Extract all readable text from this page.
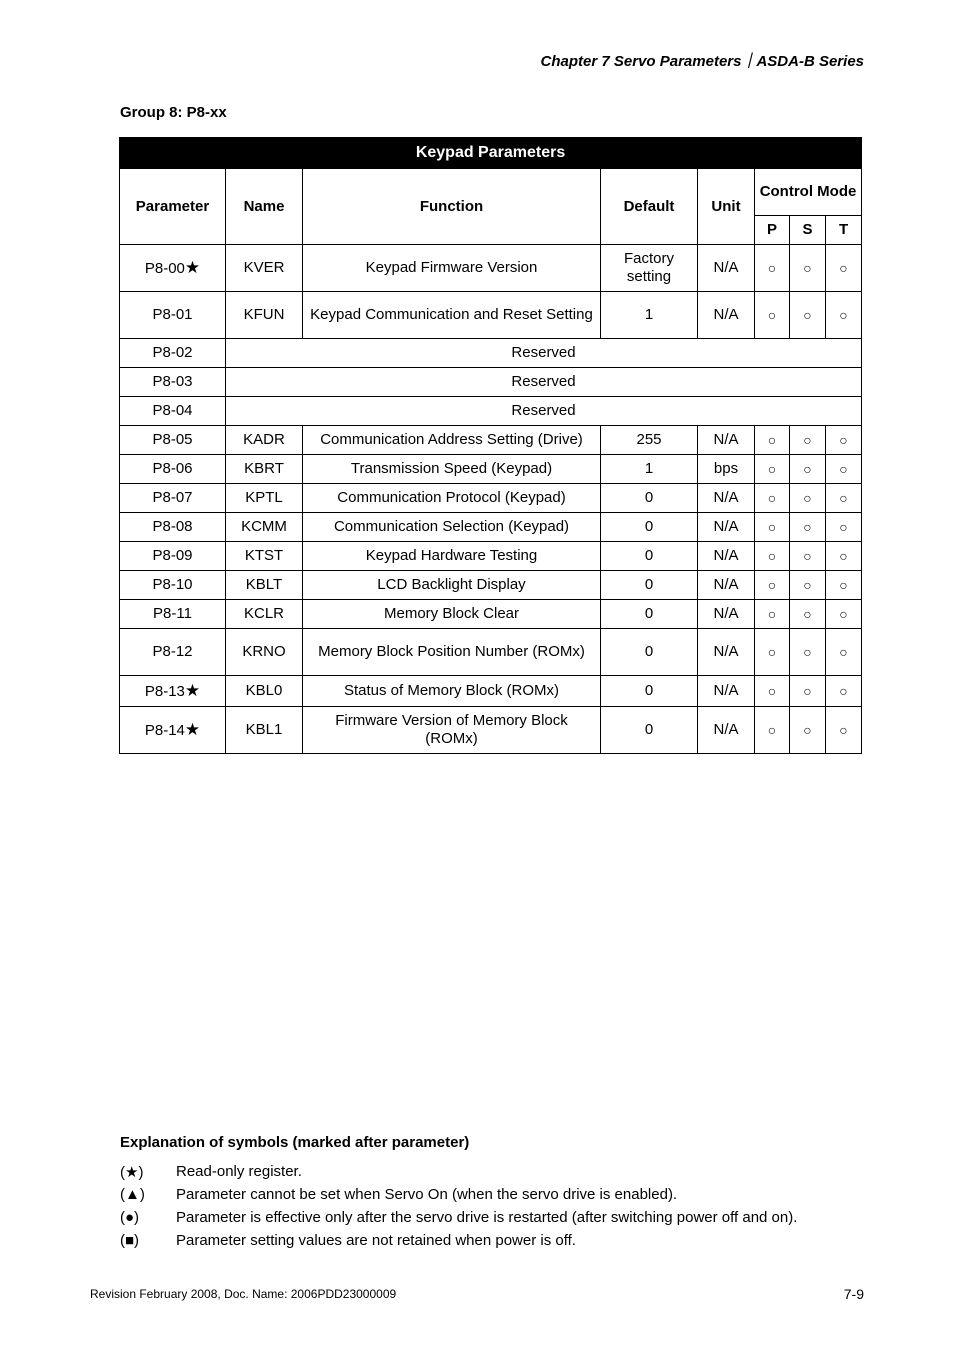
Chapter 7 Servo Parameters｜ASDA-B Series
Group 8: P8-xx
Keypad Parameters							
Parameter	Name	Function	Default	Unit	Control Mode		
					P	S	T
P8-00★	KVER	Keypad Firmware Version	Factory setting	N/A	○	○	○
P8-01	KFUN	Keypad Communication and Reset Setting	1	N/A	○	○	○
P8-02	Reserved						
P8-03	Reserved						
P8-04	Reserved						
P8-05	KADR	Communication Address Setting (Drive)	255	N/A	○	○	○
P8-06	KBRT	Transmission Speed (Keypad)	1	bps	○	○	○
P8-07	KPTL	Communication Protocol (Keypad)	0	N/A	○	○	○
P8-08	KCMM	Communication Selection (Keypad)	0	N/A	○	○	○
P8-09	KTST	Keypad Hardware Testing	0	N/A	○	○	○
P8-10	KBLT	LCD Backlight Display	0	N/A	○	○	○
P8-11	KCLR	Memory Block Clear	0	N/A	○	○	○
P8-12	KRNO	Memory Block Position Number (ROMx)	0	N/A	○	○	○
P8-13★	KBL0	Status of Memory Block (ROMx)	0	N/A	○	○	○
P8-14★	KBL1	Firmware Version of Memory Block (ROMx)	0	N/A	○	○	○
Explanation of symbols (marked after parameter)
(★)	Read-only register.
(▲)	Parameter cannot be set when Servo On (when the servo drive is enabled).
(●)	Parameter is effective only after the servo drive is restarted (after switching power off and on).
(■)	Parameter setting values are not retained when power is off.
Revision February 2008, Doc. Name: 2006PDD23000009	7-9
